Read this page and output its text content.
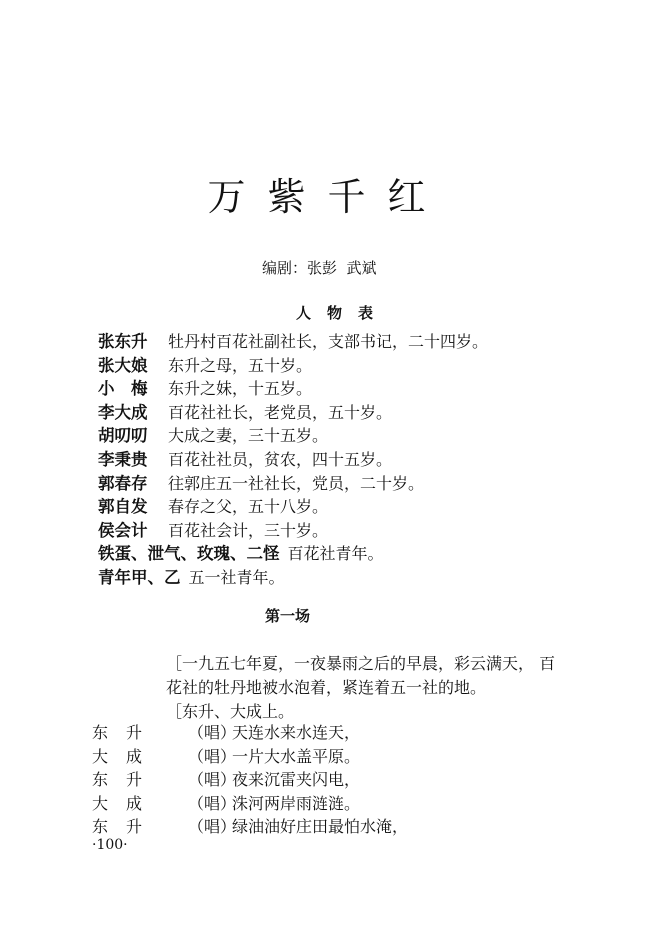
万紫千红
编剧：张彭  武斌
人物表
张东升 牡丹村百花社副社长，支部书记，二十四岁。
张大娘 东升之母，五十岁。
小　梅 东升之妹，十五岁。
李大成 百花社社长，老党员，五十岁。
胡叨叨 大成之妻，三十五岁。
李秉贵 百花社社员，贫农，四十五岁。
郭春存 往郭庄五一社社长，党员，二十岁。
郭自发 春存之父，五十八岁。
侯会计 百花社会计，三十岁。
铁蛋、泄气、玫瑰、二怪 百花社青年。
青年甲、乙 五一社青年。
第一场
［一九五七年夏，一夜暴雨之后的早晨，彩云满天， 百
花社的牡丹地被水泡着，紧连着五一社的地。
［东升、大成上。
东升 （唱）天连水来水连天，
大成 （唱）一片大水盖平原。
东升 （唱）夜来沉雷夹闪电，
大成 （唱）洙河两岸雨涟涟。
东升 （唱）绿油油好庄田最怕水淹，
·100·
